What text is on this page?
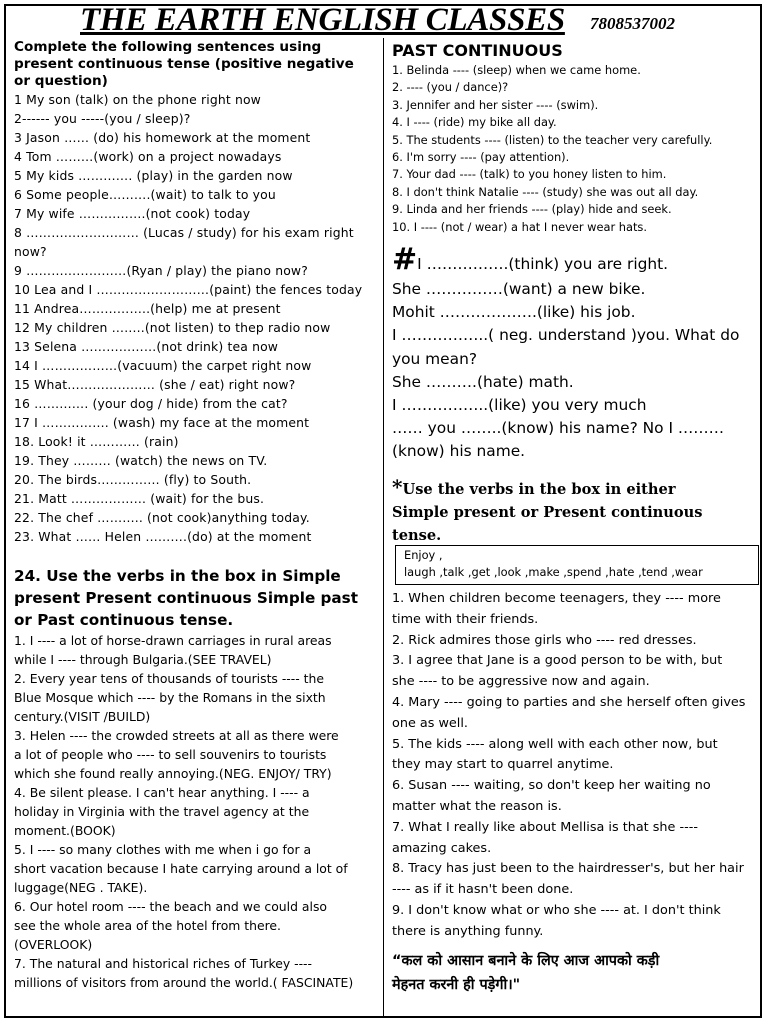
THE EARTH ENGLISH CLASSES 7808537002
Complete the following sentences using
present continuous tense (positive negative
or question)
1 My son (talk) on the phone right now
2------ you -----(you / sleep)?
3 Jason …… (do) his homework at the moment
4 Tom ………(work) on a project nowadays
5 My kids …………. (play) in the garden now
6 Some people……….(wait) to talk to you
7 My wife …………….(not cook) today
8 ……………………… (Lucas / study) for his exam right
now?
9 ……………………(Ryan / play) the piano now?
10 Lea and I ………………………(paint) the fences today
11 Andrea……………..(help) me at present
12 My children ……..(not listen) to thep radio now
13 Selena ………………(not drink) tea now
14 I ………………(vacuum) the carpet right now
15 What………………… (she / eat) right now?
16 …………. (your dog / hide) from the cat?
17 I ……………. (wash) my face at the moment
18. Look! it ………… (rain)
19. They ……… (watch) the news on TV.
20. The birds…………… (fly) to South.
21. Matt ……………… (wait) for the bus.
22. The chef ……….. (not cook)anything today.
23. What …… Helen ……….(do) at the moment
24. Use the verbs in the box in Simple
present Present continuous Simple past
or Past continuous tense.
1. I ---- a lot of horse-drawn carriages in rural areas
while I ---- through Bulgaria.(SEE TRAVEL)
2. Every year tens of thousands of tourists ---- the
Blue Mosque which ---- by the Romans in the sixth
century.(VISIT /BUILD)
3. Helen ---- the crowded streets at all as there were
a lot of people who ---- to sell souvenirs to tourists
which she found really annoying.(NEG. ENJOY/ TRY)
4. Be silent please. I can't hear anything. I ---- a
holiday in Virginia with the travel agency at the
moment.(BOOK)
5. I ---- so many clothes with me when i go for a
short vacation because I hate carrying around a lot of
luggage(NEG . TAKE).
6. Our hotel room ---- the beach and we could also
see the whole area of the hotel from there.
(OVERLOOK)
7. The natural and historical riches of Turkey ----
millions of visitors from around the world.( FASCINATE)
PAST CONTINUOUS
1. Belinda ---- (sleep) when we came home.
2. ---- (you / dance)?
3. Jennifer and her sister ---- (swim).
4. I ---- (ride) my bike all day.
5. The students ---- (listen) to the teacher very carefully.
6. I'm sorry ---- (pay attention).
7. Your dad ---- (talk) to you honey listen to him.
8. I don't think Natalie ---- (study) she was out all day.
9. Linda and her friends ---- (play) hide and seek.
10. I ---- (not / wear) a hat I never wear hats.
#I …………….(think) you are right.
She ……………(want) a new bike.
Mohit ……………….(like) his job.
I ……………..( neg. understand )you. What do
you mean?
She ……….(hate) math.
I ……………..(like) you very much
…… you ……..(know) his name? No I ………
(know) his name.
*Use the verbs in the box in either
Simple present or Present continuous
tense.
Enjoy ,
laugh ,talk ,get ,look ,make ,spend ,hate ,tend ,wear
1. When children become teenagers, they ---- more
time with their friends.
2. Rick admires those girls who ---- red dresses.
3. I agree that Jane is a good person to be with, but
she ---- to be aggressive now and again.
4. Mary ---- going to parties and she herself often gives
one as well.
5. The kids ---- along well with each other now, but
they may start to quarrel anytime.
6. Susan ---- waiting, so don't keep her waiting no
matter what the reason is.
7. What I really like about Mellisa is that she ----
amazing cakes.
8. Tracy has just been to the hairdresser's, but her hair
---- as if it hasn't been done.
9. I don't know what or who she ---- at. I don't think
there is anything funny.
“कल को आसान बनाने के लिए आज आपको कड़ी
मेहनत करनी ही पड़ेगी।"
